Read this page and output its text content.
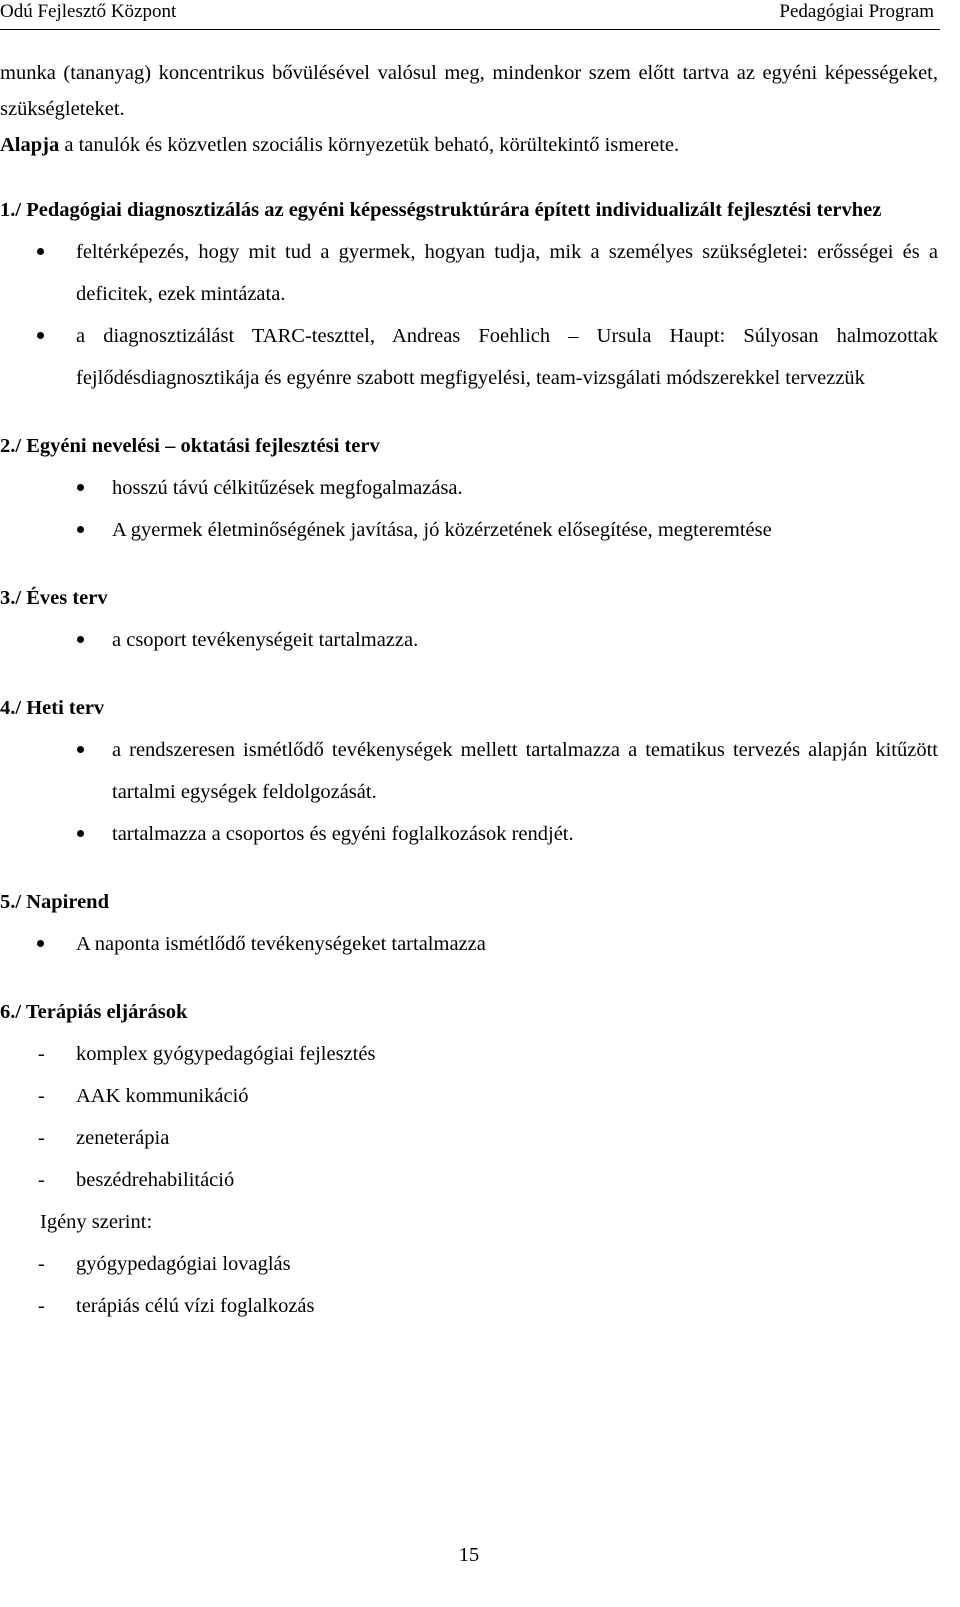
Odú Fejlesztő Központ	Pedagógiai Program

munka (tananyag) koncentrikus bővülésével valósul meg, mindenkor szem előtt tartva az egyéni képességeket, szükségleteket.

Alapja a tanulók és közvetlen szociális környezetük beható, körültekintő ismerete.

1./ Pedagógiai diagnosztizálás az egyéni képességstruktúrára épített individualizált fejlesztési tervhez

feltérképezés, hogy mit tud a gyermek, hogyan tudja, mik a személyes szükségletei: erősségei és a deficitek, ezek mintázata.
a diagnosztizálást TARC-teszttel, Andreas Foehlich – Ursula Haupt: Súlyosan halmozottak fejlődésdiagnosztikája és egyénre szabott megfigyelési, team-vizsgálati módszerekkel tervezzük

2./ Egyéni nevelési – oktatási fejlesztési terv

hosszú távú célkitűzések megfogalmazása.
A gyermek életminőségének javítása, jó közérzetének elősegítése, megteremtése

3./ Éves terv

a csoport tevékenységeit tartalmazza.

4./ Heti terv

a rendszeresen ismétlődő tevékenységek mellett tartalmazza a tematikus tervezés alapján kitűzött tartalmi egységek feldolgozását.
tartalmazza a csoportos és egyéni foglalkozások rendjét.

5./ Napirend

A naponta ismétlődő tevékenységeket tartalmazza

6./ Terápiás eljárások

- komplex gyógypedagógiai fejlesztés
- AAK kommunikáció
- zeneterápia
- beszédrehabilitáció

Igény szerint:

- gyógypedagógiai lovaglás
- terápiás célú vízi foglalkozás
15
